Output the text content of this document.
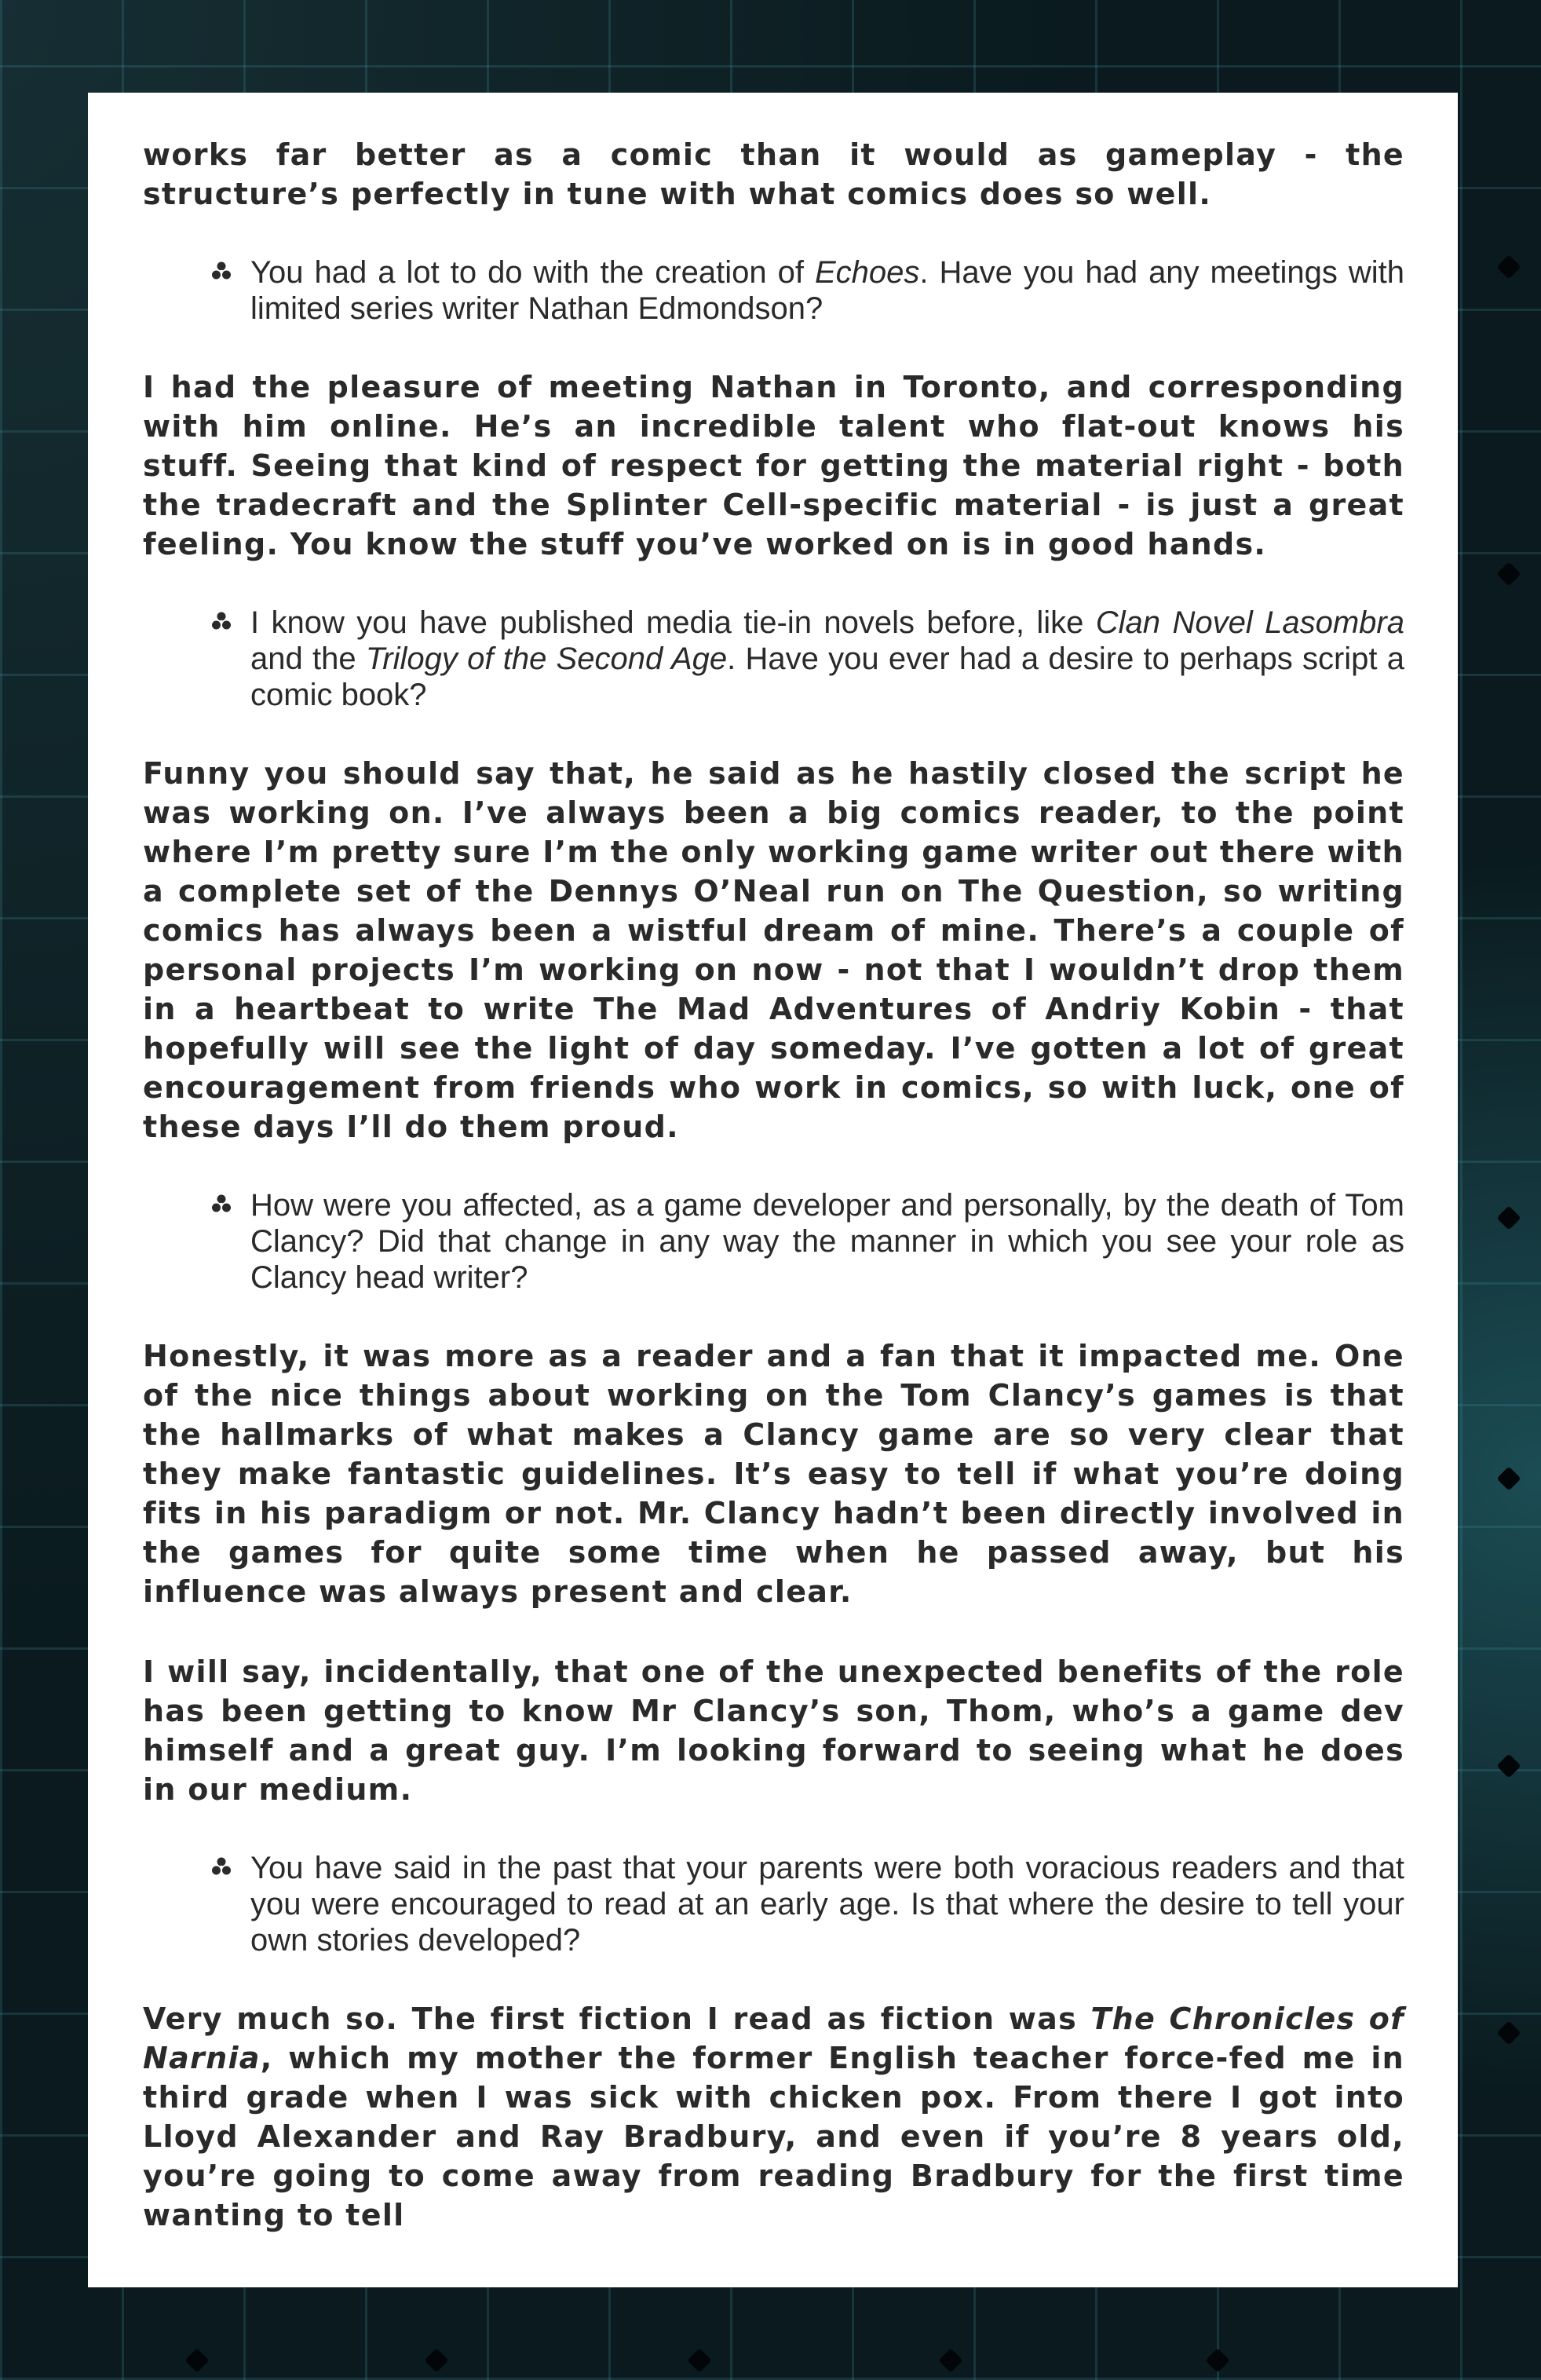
works far better as a comic than it would as gameplay - the structure’s perfectly in tune with what comics does so well.

You had a lot to do with the creation of Echoes. Have you had any meetings with limited series writer Nathan Edmondson?

I had the pleasure of meeting Nathan in Toronto, and corresponding with him online. He’s an incredible talent who flat-out knows his stuff. Seeing that kind of respect for getting the material right - both the tradecraft and the Splinter Cell-specific material - is just a great feeling. You know the stuff you’ve worked on is in good hands.

I know you have published media tie-in novels before, like Clan Novel Lasombra and the Trilogy of the Second Age. Have you ever had a desire to perhaps script a comic book?

Funny you should say that, he said as he hastily closed the script he was working on. I’ve always been a big comics reader, to the point where I’m pretty sure I’m the only working game writer out there with a complete set of the Dennys O’Neal run on The Question, so writing comics has always been a wistful dream of mine. There’s a couple of personal projects I’m working on now - not that I wouldn’t drop them in a heartbeat to write The Mad Adventures of Andriy Kobin - that hopefully will see the light of day someday. I’ve gotten a lot of great encouragement from friends who work in comics, so with luck, one of these days I’ll do them proud.

How were you affected, as a game developer and personally, by the death of Tom Clancy? Did that change in any way the manner in which you see your role as Clancy head writer?

Honestly, it was more as a reader and a fan that it impacted me. One of the nice things about working on the Tom Clancy’s games is that the hallmarks of what makes a Clancy game are so very clear that they make fantastic guidelines. It’s easy to tell if what you’re doing fits in his paradigm or not. Mr. Clancy hadn’t been directly involved in the games for quite some time when he passed away, but his influence was always present and clear.

I will say, incidentally, that one of the unexpected benefits of the role has been getting to know Mr Clancy’s son, Thom, who’s a game dev himself and a great guy. I’m looking forward to seeing what he does in our medium.

You have said in the past that your parents were both voracious readers and that you were encouraged to read at an early age. Is that where the desire to tell your own stories developed?

Very much so. The first fiction I read as fiction was The Chronicles of Narnia, which my mother the former English teacher force-fed me in third grade when I was sick with chicken pox. From there I got into Lloyd Alexander and Ray Bradbury, and even if you’re 8 years old, you’re going to come away from reading Bradbury for the first time wanting to tell
